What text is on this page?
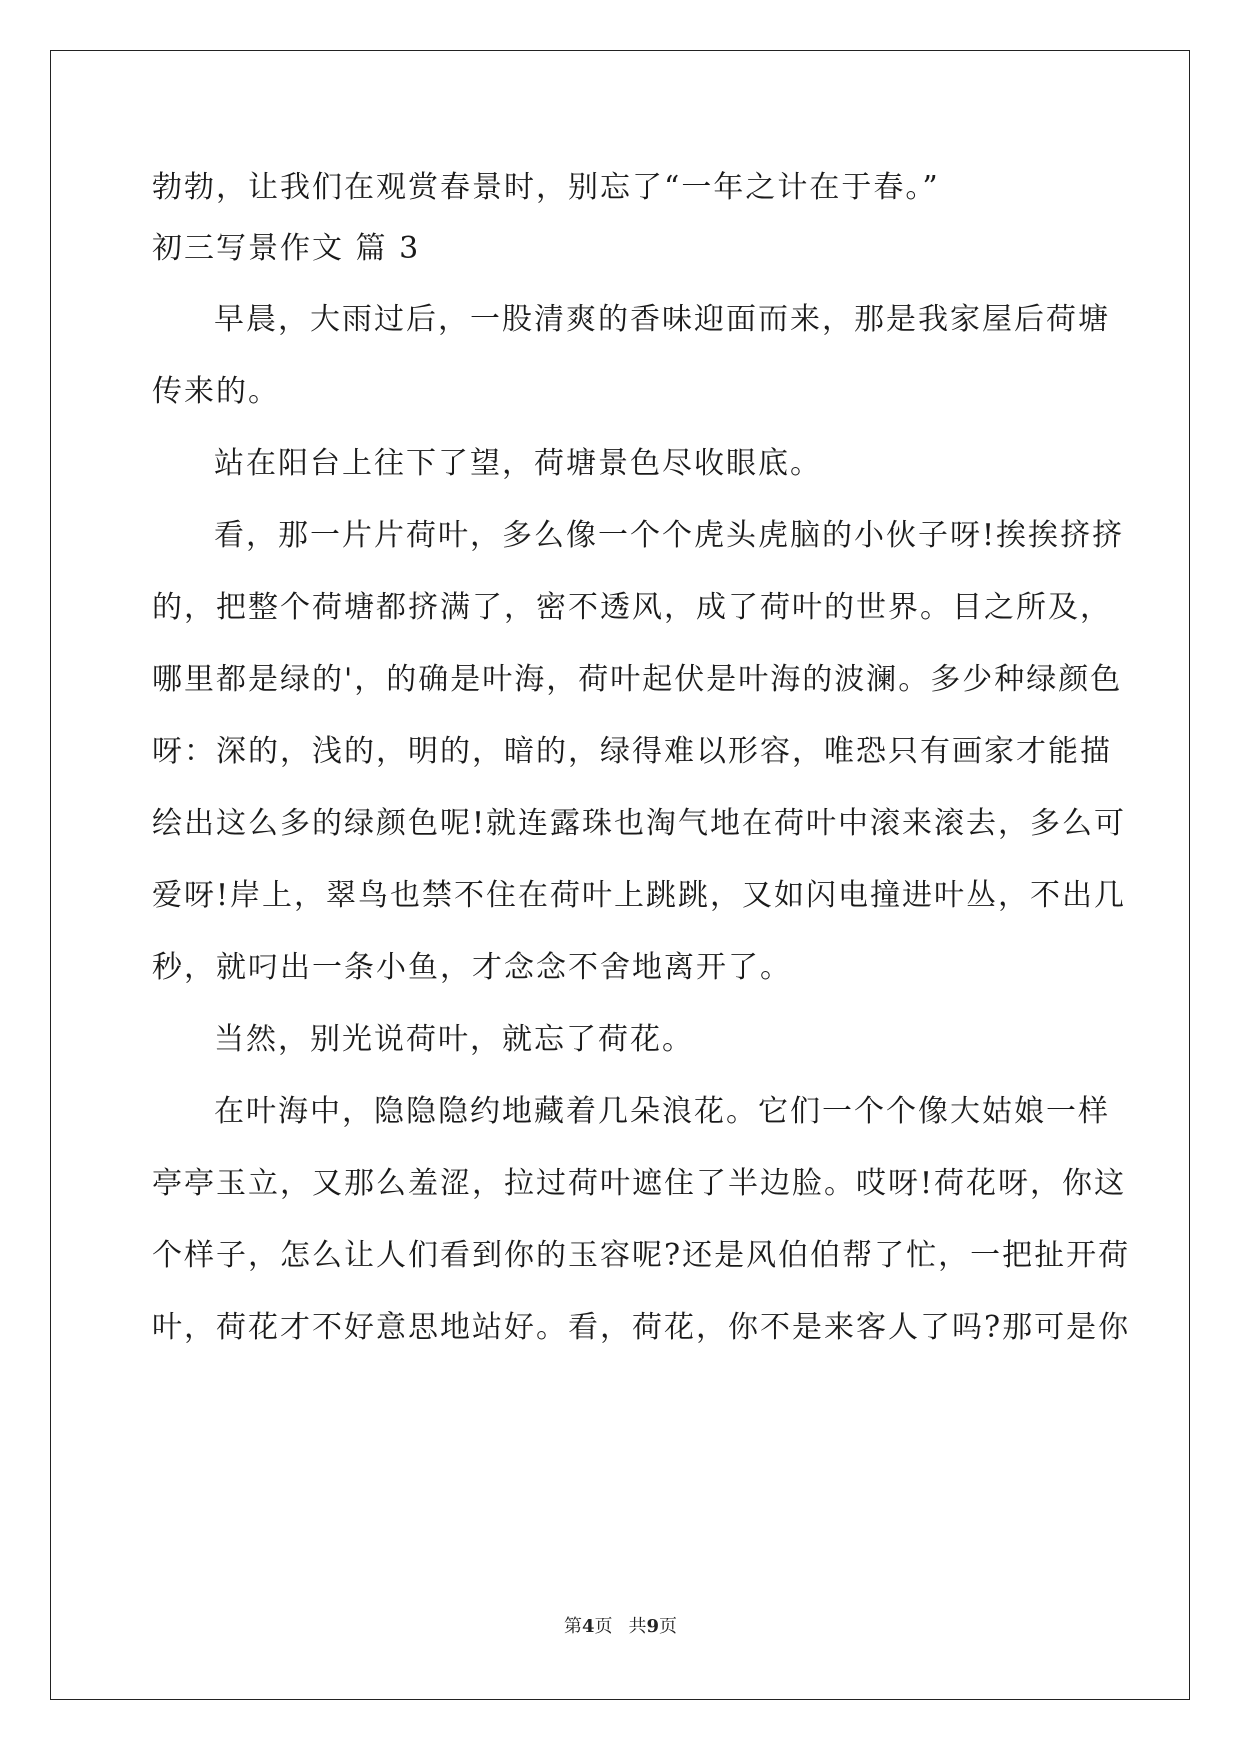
勃勃，让我们在观赏春景时，别忘了“一年之计在于春。”
初三写景作文 篇 3
早晨，大雨过后，一股清爽的香味迎面而来，那是我家屋后荷塘
传来的。
站在阳台上往下了望，荷塘景色尽收眼底。
看，那一片片荷叶，多么像一个个虎头虎脑的小伙子呀!挨挨挤挤
的，把整个荷塘都挤满了，密不透风，成了荷叶的世界。目之所及，
哪里都是绿的'，的确是叶海，荷叶起伏是叶海的波澜。多少种绿颜色
呀：深的，浅的，明的，暗的，绿得难以形容，唯恐只有画家才能描
绘出这么多的绿颜色呢!就连露珠也淘气地在荷叶中滚来滚去，多么可
爱呀!岸上，翠鸟也禁不住在荷叶上跳跳，又如闪电撞进叶丛，不出几
秒，就叼出一条小鱼，才念念不舍地离开了。
当然，别光说荷叶，就忘了荷花。
在叶海中，隐隐隐约地藏着几朵浪花。它们一个个像大姑娘一样
亭亭玉立，又那么羞涩，拉过荷叶遮住了半边脸。哎呀!荷花呀，你这
个样子，怎么让人们看到你的玉容呢?还是风伯伯帮了忙，一把扯开荷
叶，荷花才不好意思地站好。看，荷花，你不是来客人了吗?那可是你
第4页 共9页
